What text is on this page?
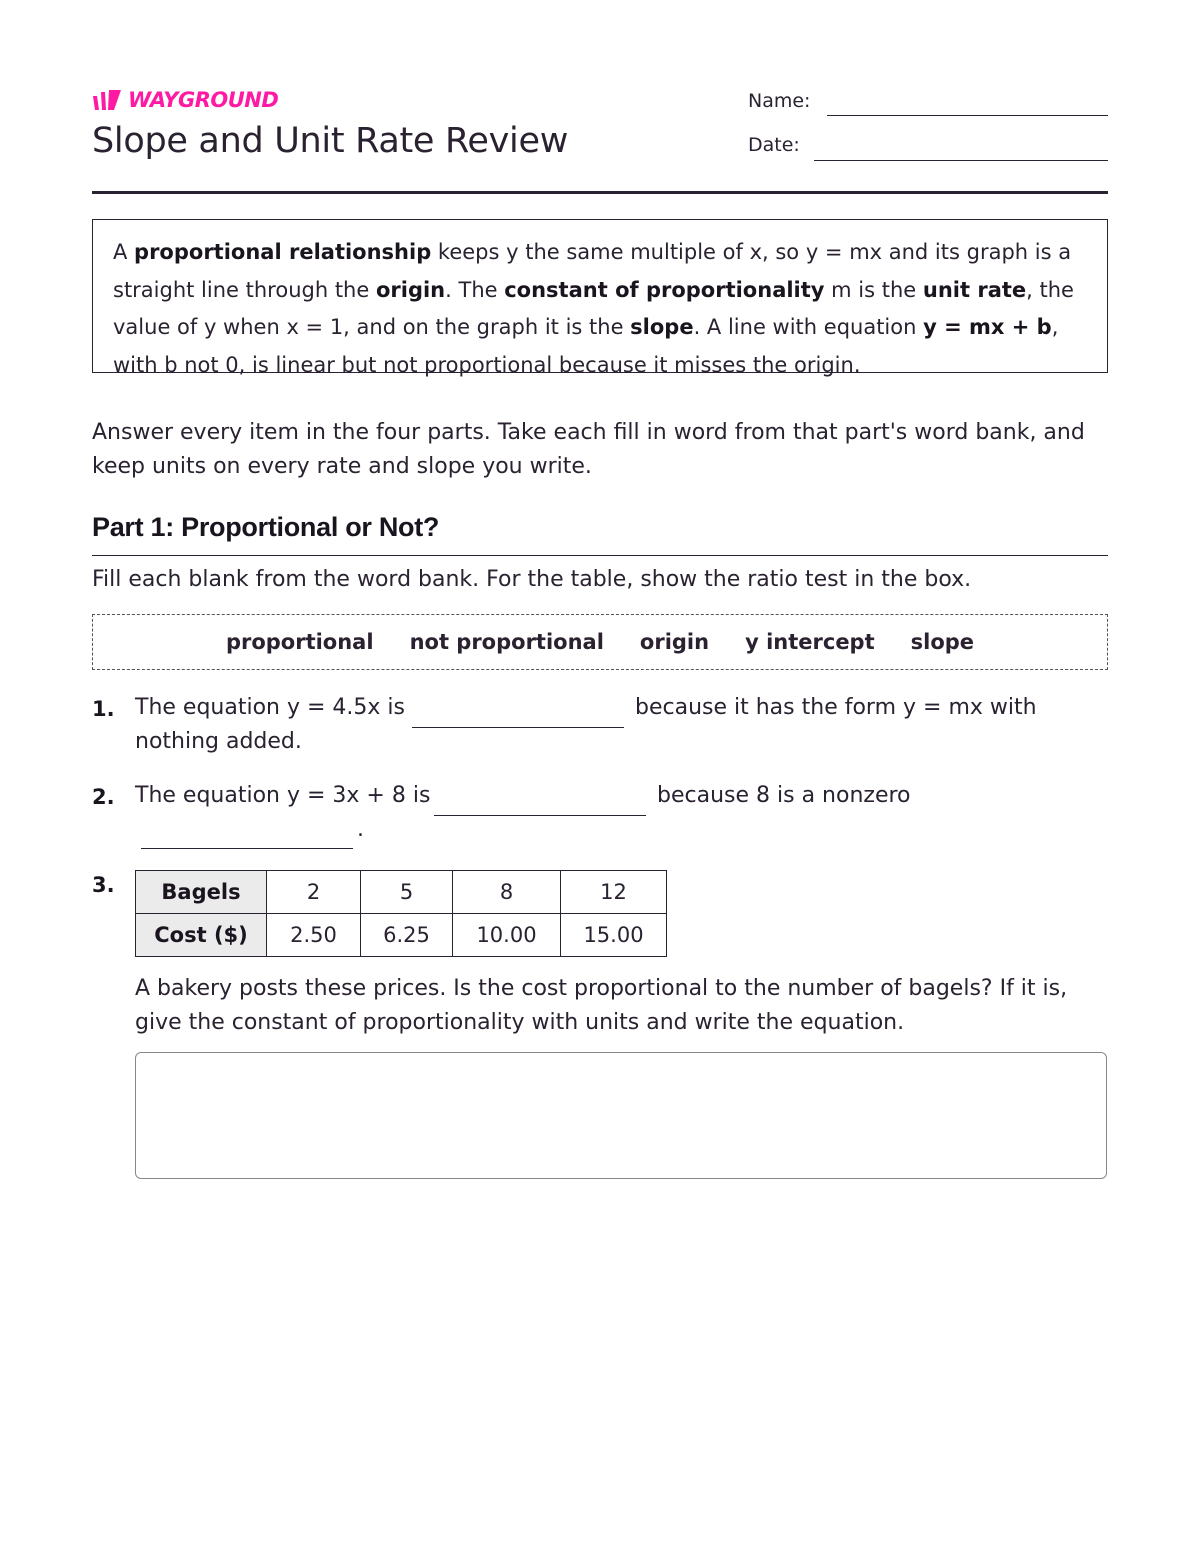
WAYGROUND
Slope and Unit Rate Review
Name:
Date:
A proportional relationship keeps y the same multiple of x, so y = mx and its graph is a straight line through the origin. The constant of proportionality m is the unit rate, the value of y when x = 1, and on the graph it is the slope. A line with equation y = mx + b, with b not 0, is linear but not proportional because it misses the origin.
Answer every item in the four parts. Take each fill in word from that part's word bank, and keep units on every rate and slope you write.
Part 1: Proportional or Not?
Fill each blank from the word bank. For the table, show the ratio test in the box.
proportional not proportional origin y intercept slope
1. The equation y = 4.5x is	because it has the form y = mx with
nothing added.
2. The equation y = 3x + 8 is	because 8 is a nonzero
.
3. Bagels	2	5	8	12
Cost ($)	2.50	6.25	10.00	15.00
A bakery posts these prices. Is the cost proportional to the number of bagels? If it is, give the constant of proportionality with units and write the equation.
